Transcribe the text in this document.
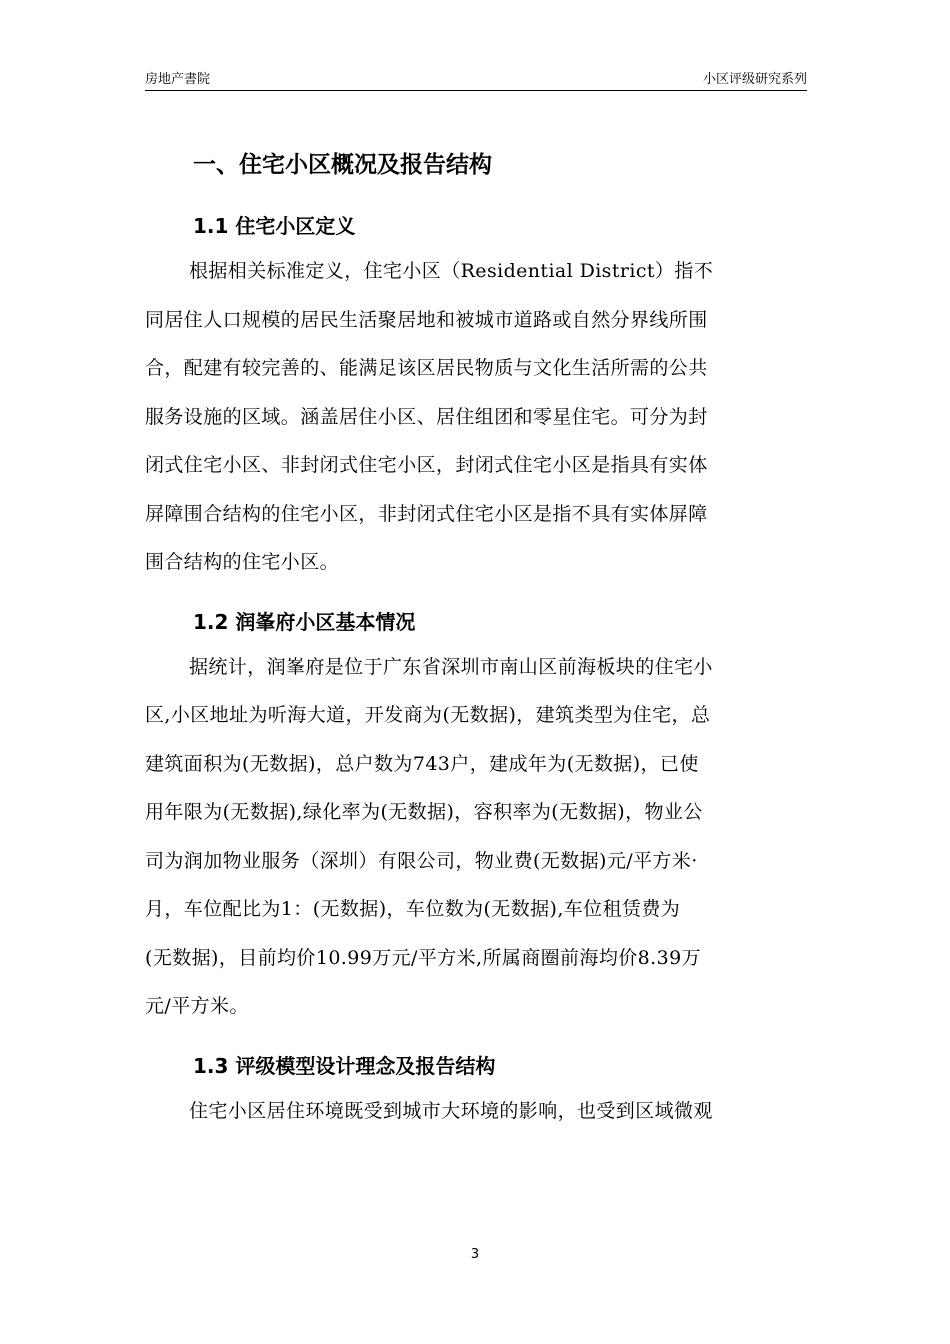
房地产書院	小区评级研究系列
一、住宅小区概况及报告结构
1.1 住宅小区定义
根据相关标准定义，住宅小区（Residential District）指不
同居住人口规模的居民生活聚居地和被城市道路或自然分界线所围
合，配建有较完善的、能满足该区居民物质与文化生活所需的公共
服务设施的区域。涵盖居住小区、居住组团和零星住宅。可分为封
闭式住宅小区、非封闭式住宅小区，封闭式住宅小区是指具有实体
屏障围合结构的住宅小区，非封闭式住宅小区是指不具有实体屏障
围合结构的住宅小区。
1.2 润峯府小区基本情况
据统计，润峯府是位于广东省深圳市南山区前海板块的住宅小
区,小区地址为听海大道，开发商为(无数据)，建筑类型为住宅，总
建筑面积为(无数据)，总户数为743户，建成年为(无数据)，已使
用年限为(无数据),绿化率为(无数据)，容积率为(无数据)，物业公
司为润加物业服务（深圳）有限公司，物业费(无数据)元/平方米·
月，车位配比为1：(无数据)，车位数为(无数据),车位租赁费为
(无数据)，目前均价10.99万元/平方米,所属商圈前海均价8.39万
元/平方米。
1.3 评级模型设计理念及报告结构
住宅小区居住环境既受到城市大环境的影响，也受到区域微观
3
